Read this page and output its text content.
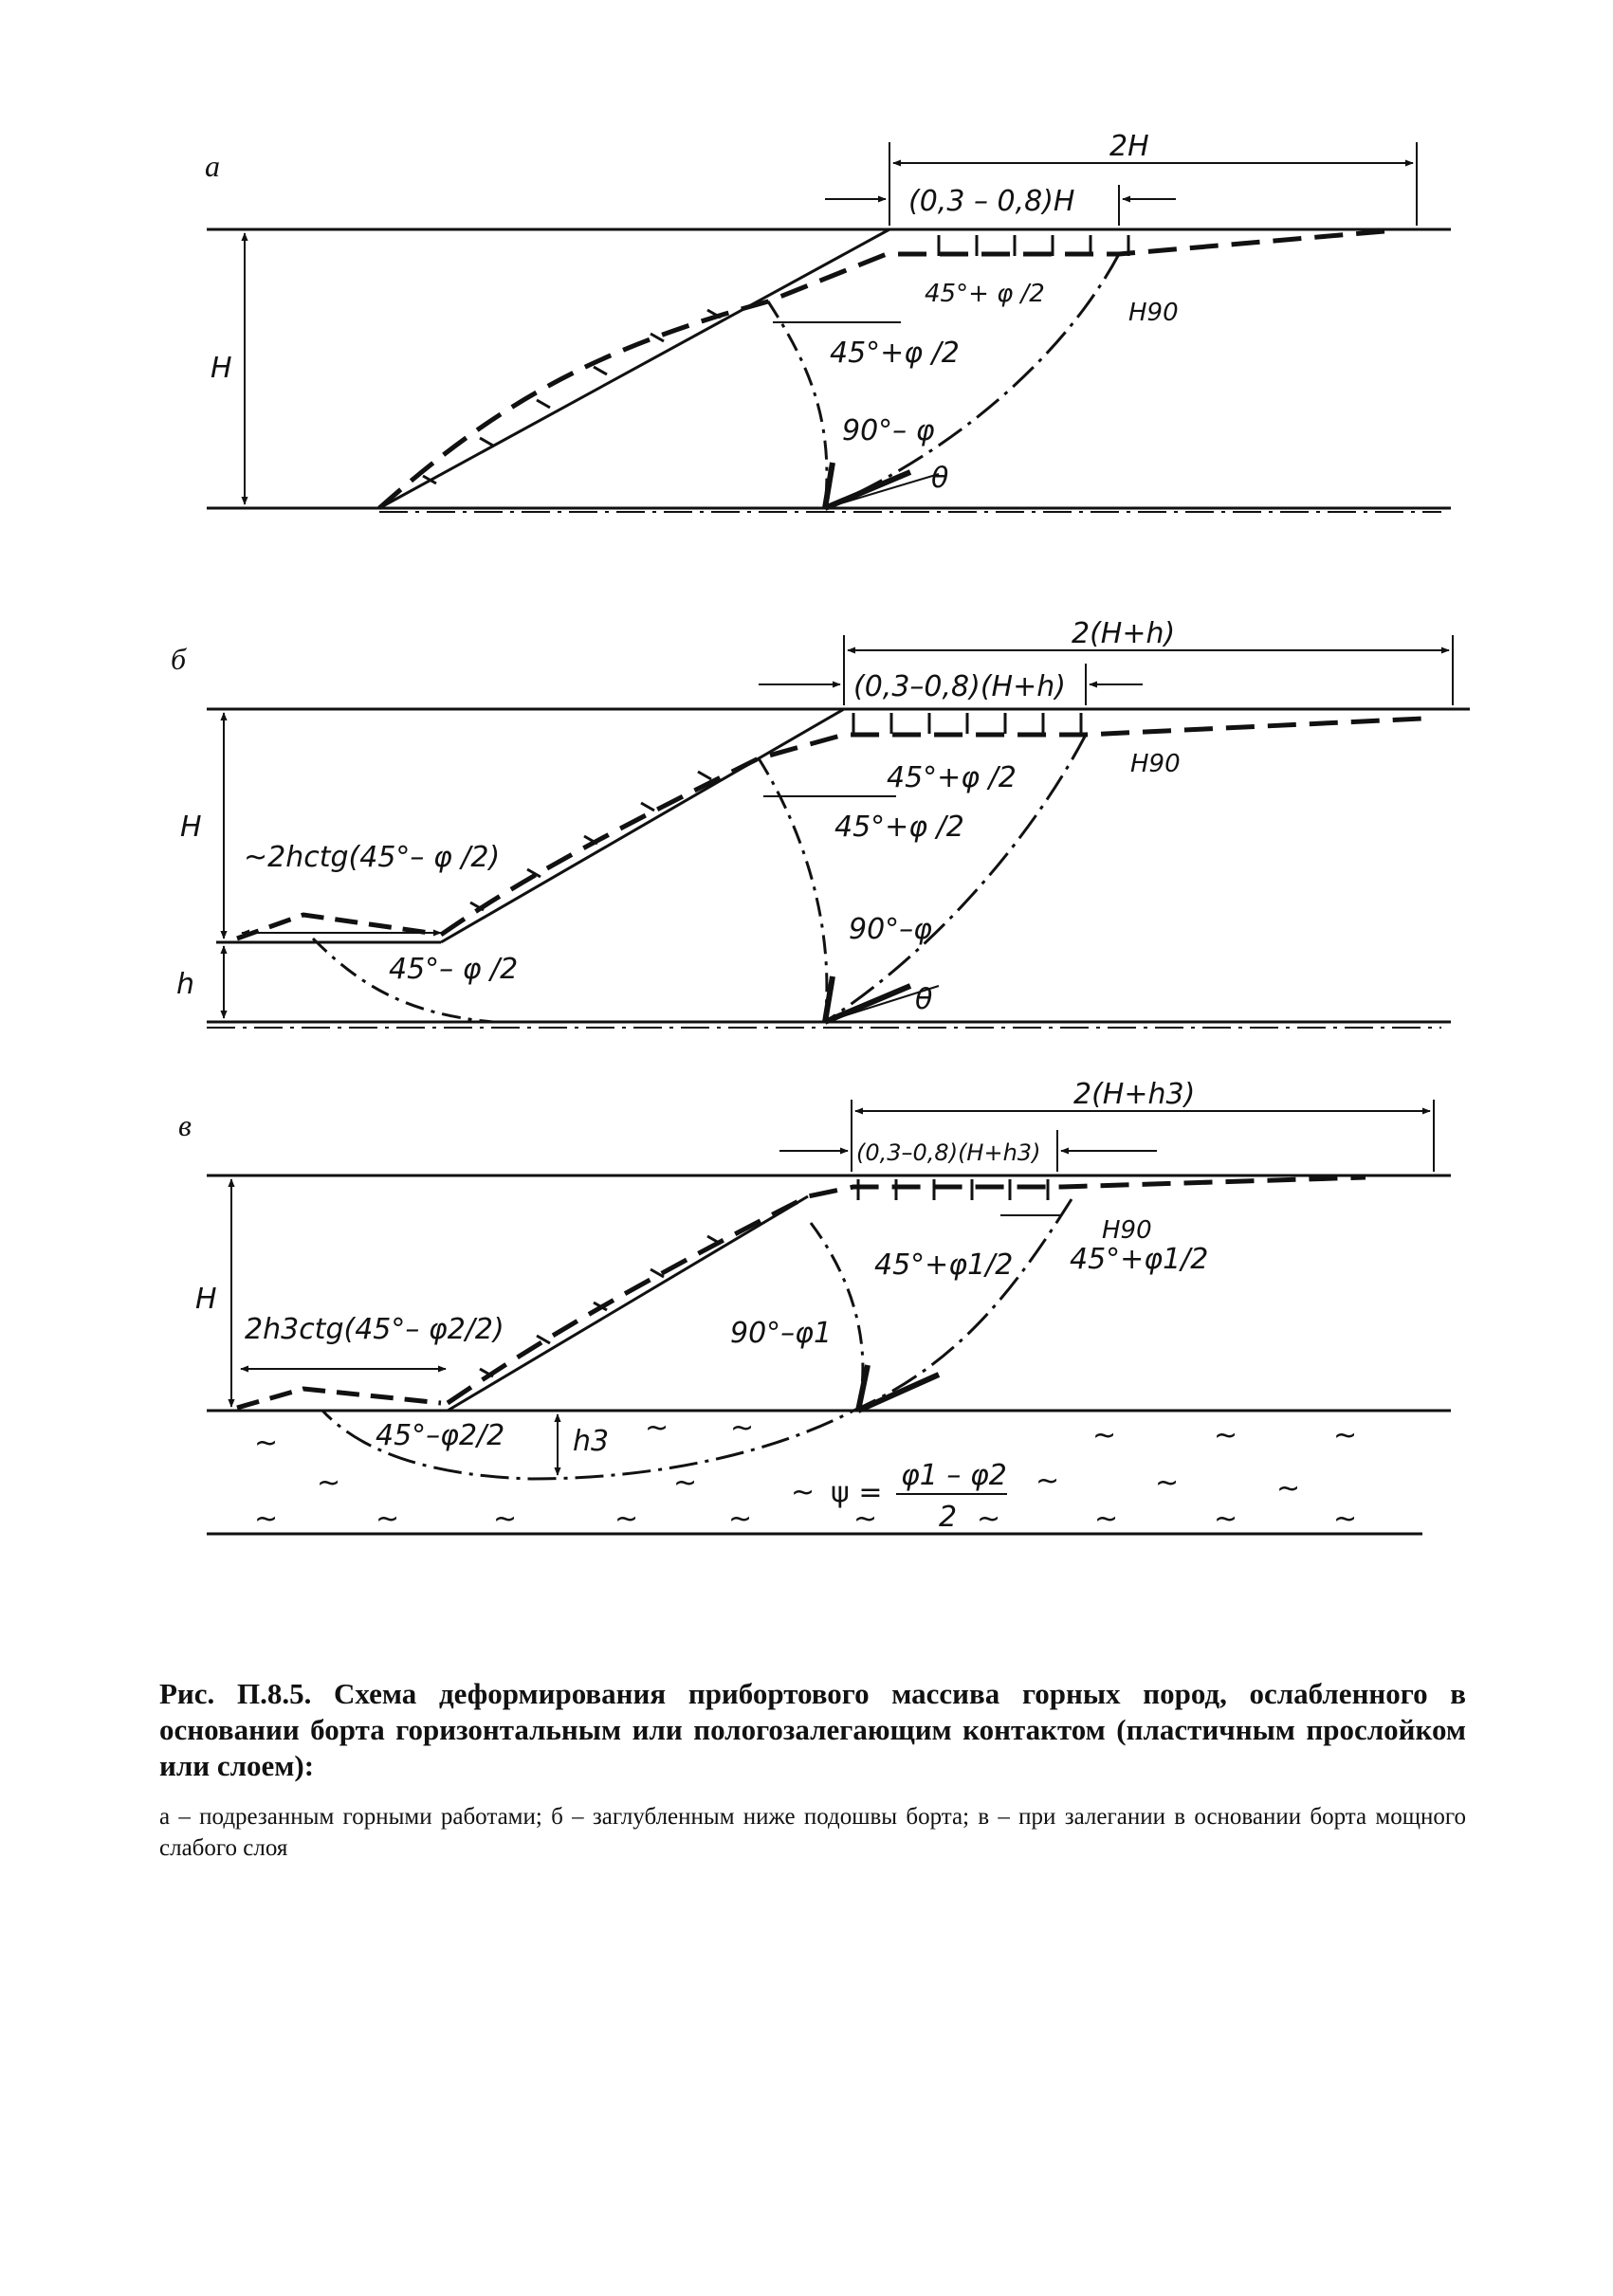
a
2H
(0,3 – 0,8)H
H
45°+ φ /2
45°+φ /2
90°– φ
θ
H90
б
2(H+h)
(0,3–0,8)(H+h)
H
h
~2hctg(45°– φ /2)
45°+φ /2
45°+φ /2
90°–φ
45°– φ /2
θ
H90
в
2(H+h3)
(0,3–0,8)(H+h3)
H
h3
2h3ctg(45°– φ2/2)
45°+φ1/2
45°+φ1/2
90°–φ1
45°–φ2/2
H90
ψ =
φ1 – φ2
2
~	~ ~	~	~	~
~	~	~	~	~	~
~	~	~	~	~	~	~	~	~	~

Рис. П.8.5. Схема деформирования прибортового массива горных пород, ослабленного в основании борта горизонтальным или пологозалегающим контактом (пластичным прослойком или слоем):

а – подрезанным горными работами; б – заглубленным ниже подошвы борта; в – при залегании в основании борта мощного слабого слоя
